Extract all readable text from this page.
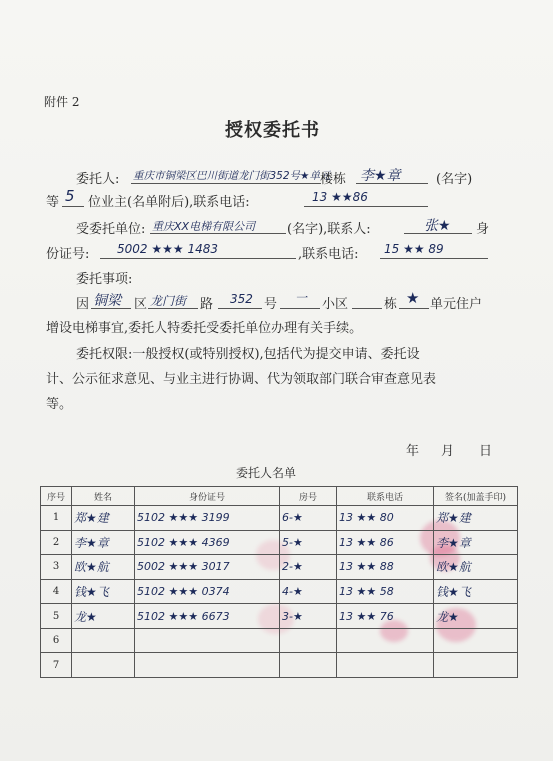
附件 2
授权委托书
委托人: 重庆市铜梁区巴川街道龙门街352号★单元
楼栋 李★章	(名字)
等 5 位业主(名单附后),联系电话:	13 ★★86
受委托单位: 重庆XX电梯有限公司 (名字),联系人:	张★ 身
份证号: 5002 ★★★ 1483	,联系电话: 15 ★★ 89
委托事项:
因 铜梁 区 龙门街 路 352 号 一 小区	栋 ★ 单元住户
增设电梯事宜,委托人特委托受委托单位办理有关手续。
委托权限:一般授权(或特别授权),包括代为提交申请、委托设
计、公示征求意见、与业主进行协调、代为领取部门联合审查意见表
等。
年 月 日
委托人名单
序号	姓名	身份证号	房号	联系电话	签名(加盖手印)
1	郑★建	5102 ★★★ 3199	6-★	13 ★★ 80	郑★建
2	李★章	5102 ★★★ 4369	5-★	13 ★★ 86	李★章
3	欧★航	5002 ★★★ 3017	2-★	13 ★★ 88	欧★航
4	钱★飞	5102 ★★★ 0374	4-★	13 ★★ 58	钱★飞
5	龙★	5102 ★★★ 6673	3-★	13 ★★ 76	龙★
6					
7					
